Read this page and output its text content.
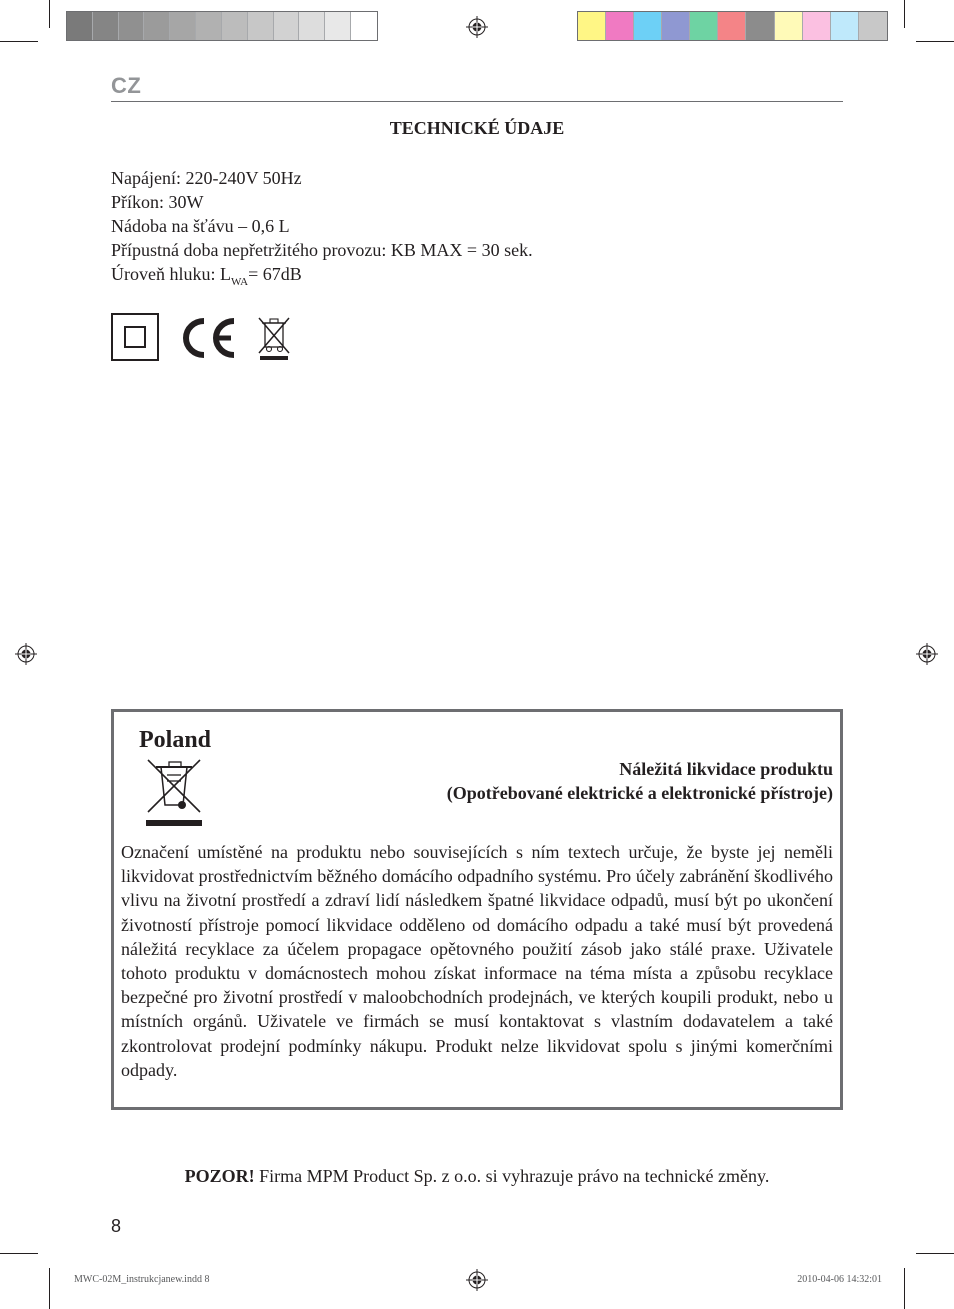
CZ
TECHNICKÉ ÚDAJE
Napájení: 220-240V 50Hz
Příkon: 30W
Nádoba na šťávu – 0,6 L
Přípustná doba nepřetržitého provozu: KB MAX = 30 sek.
Úroveň hluku: $L_{WA}= 67dB$
Poland
Náležitá likvidace produktu
(Opotřebované elektrické a elektronické přístroje)
Označení umístěné na produktu nebo souvisejících s ním textech určuje, že byste jej neměli likvidovat prostřednictvím běžného domácího odpadního systému. Pro účely zabránění škodlivého vlivu na životní prostředí a zdraví lidí následkem špatné likvidace odpadů, musí být po ukončení životností přístroje pomocí likvidace odděleno od domácího odpadu a také musí být provedená náležitá recyklace za účelem propagace opětovného použití zásob jako stálé praxe. Uživatele tohoto produktu v domácnostech mohou získat informace na téma místa a způsobu recyklace bezpečné pro životní prostředí v maloobchodních prodejnách, ve kterých koupili produkt, nebo u místních orgánů. Uživatele ve firmách se musí kontaktovat s vlastním dodavatelem a také zkontrolovat prodejní podmínky nákupu. Produkt nelze likvidovat spolu s jinými komerčními odpady.
POZOR! Firma MPM Product Sp. z o.o. si vyhrazuje právo na technické změny.
8
MWC-02M_instrukcjanew.indd 8	2010-04-06 14:32:01
